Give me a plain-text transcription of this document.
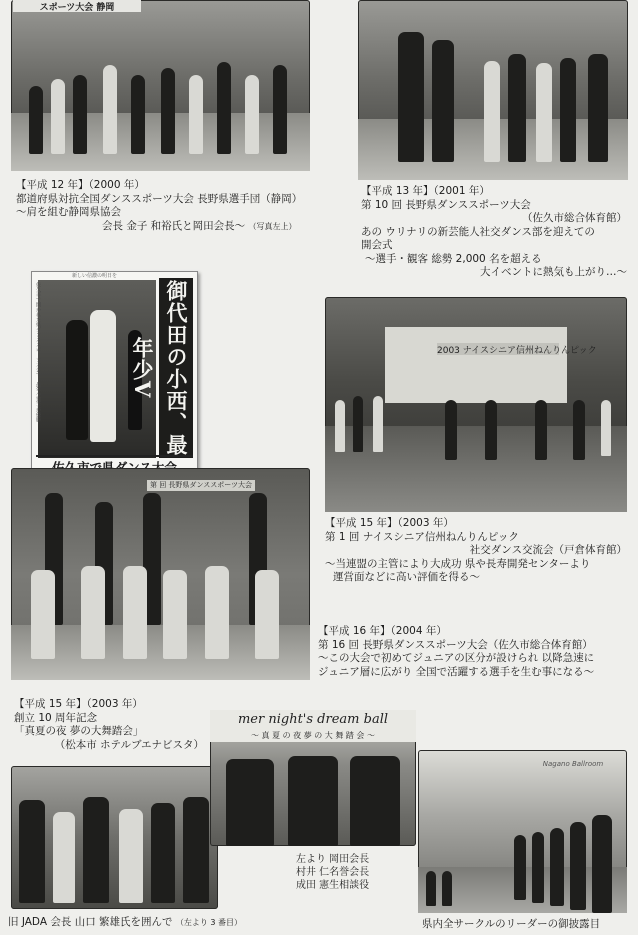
スポーツ大会 静岡
【平成 12 年】（2000 年）
都道府県対抗全国ダンススポーツ大会 長野県選手団（静岡）
〜肩を組む静岡県協会
会長 金子 和裕氏と岡田会長〜 （写真左上）
【平成 13 年】（2001 年）
第 10 回 長野県ダンススポーツ大会
（佐久市総合体育館）
あの ウリナリの新芸能人社交ダンス部を迎えての
開会式
〜選手・観客 総勢 2,000 名を超える
大イベントに熱気も上がり…〜
新しい信濃の明日を
佐久市で開かれた県ダンススポーツ大会で、最年少選手が優勝	御代田の小西、最年少V	2003 ナイスシニア信州ねんりんピック
第 回 長野県ダンススポーツ大会
【平成 15 年】（2003 年）
第 1 回 ナイスシニア信州ねんりんピック
社交ダンス交流会（戸倉体育館）
〜当連盟の主管により大成功 県や長寿開発センターより
運営面などに高い評価を得る〜
【平成 16 年】（2004 年）
第 16 回 長野県ダンススポーツ大会（佐久市総合体育館）
〜この大会で初めてジュニアの区分が設けられ 以降急速に
ジュニア層に広がり 全国で活躍する選手を生む事になる〜
【平成 15 年】（2003 年）
創立 10 周年記念
「真夏の夜 夢の大舞踏会」
（松本市 ホテルブエナビスタ）
mer night's dream ball
〜 真 夏 の 夜 夢 の 大 舞 踏 会 〜
左より 岡田会長
村井 仁名誉会長
成田 憲生相談役
Nagano Ballroom
旧 JADA 会長 山口 繁雄氏を囲んで （左より 3 番目）	県内全サークルのリーダーの御披露目
